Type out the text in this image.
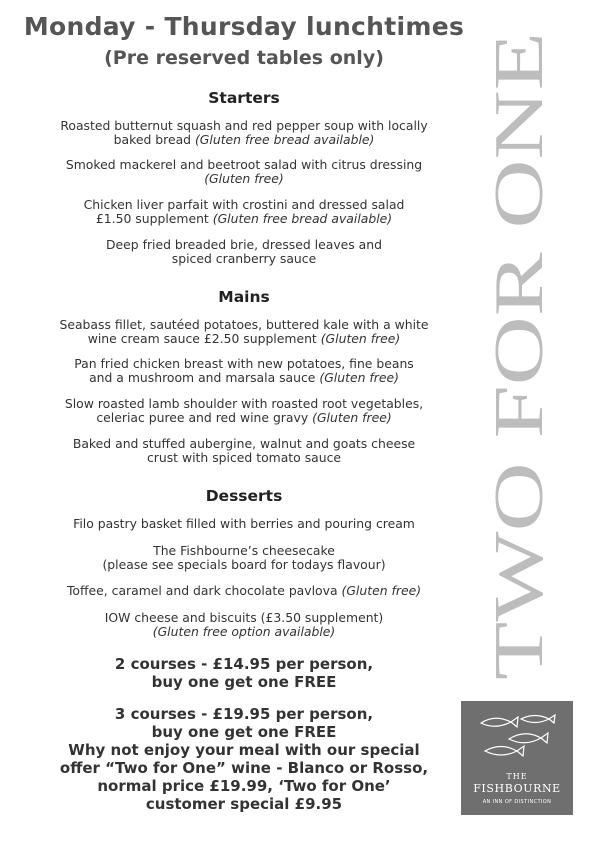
Monday - Thursday lunchtimes
(Pre reserved tables only)
Starters
Roasted butternut squash and red pepper soup with locally
baked bread (Gluten free bread available)
Smoked mackerel and beetroot salad with citrus dressing
(Gluten free)
Chicken liver parfait with crostini and dressed salad
£1.50 supplement (Gluten free bread available)
Deep fried breaded brie, dressed leaves and
spiced cranberry sauce
Mains
Seabass fillet, sautéed potatoes, buttered kale with a white
wine cream sauce £2.50 supplement (Gluten free)
Pan fried chicken breast with new potatoes, fine beans
and a mushroom and marsala sauce (Gluten free)
Slow roasted lamb shoulder with roasted root vegetables,
celeriac puree and red wine gravy (Gluten free)
Baked and stuffed aubergine, walnut and goats cheese
crust with spiced tomato sauce
Desserts
Filo pastry basket filled with berries and pouring cream
The Fishbourne’s cheesecake
(please see specials board for todays flavour)
Toffee, caramel and dark chocolate pavlova (Gluten free)
IOW cheese and biscuits (£3.50 supplement)
(Gluten free option available)
2 courses - £14.95 per person,
buy one get one FREE
3 courses - £19.95 per person,
buy one get one FREE
Why not enjoy your meal with our special
offer “Two for One” wine - Blanco or Rosso,
normal price £19.99, ‘Two for One’
customer special £9.95
TWO FOR ONE
THE
FISHBOURNE
AN INN OF DISTINCTION
